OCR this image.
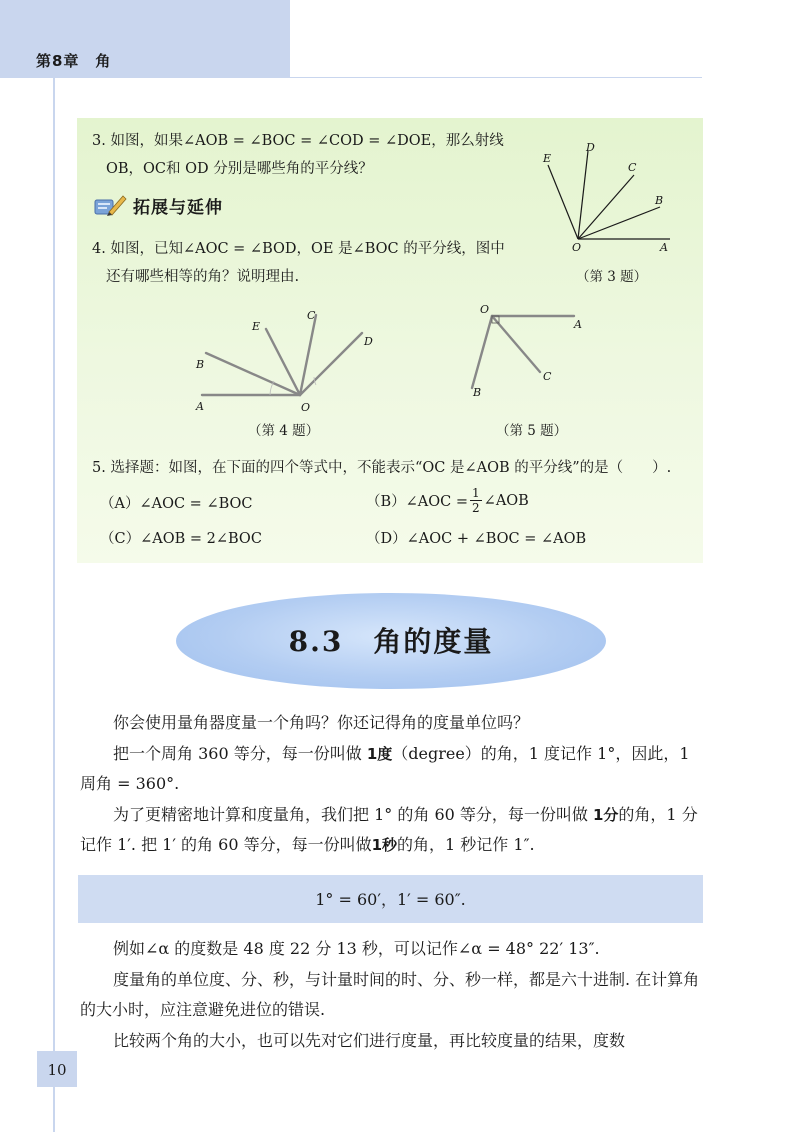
第8章　角
3. 如图，如果∠AOB = ∠BOC = ∠COD = ∠DOE，那么射线
OB，OC和 OD 分别是哪些角的平分线？
D
E
C
B
O	A
（第 3 题）
拓展与延伸
4. 如图，已知∠AOC = ∠BOD，OE 是∠BOC 的平分线，图中
还有哪些相等的角？说明理由.
C
E
D
B
A	O
（第 4 题）
O
A
C
B
（第 5 题）
5. 选择题：如图，在下面的四个等式中，不能表示“OC 是∠AOB 的平分线”的是（　　）.
（A）∠AOC = ∠BOC	（B）∠AOC = $\frac{1}{2}$ ∠AOB
（C）∠AOB = 2∠BOC	（D）∠AOC + ∠BOC = ∠AOB
8.3　角的度量

你会使用量角器度量一个角吗？你还记得角的度量单位吗？

把一个周角 360 等分，每一份叫做 1度（degree）的角，1 度记作 1°，因此，1 周角 = 360°.

为了更精密地计算和度量角，我们把 1° 的角 60 等分，每一份叫做 1分的角，1 分记作 1′. 把 1′ 的角 60 等分，每一份叫做1秒的角，1 秒记作 1″.

1° = 60′，1′ = 60″.

例如∠α 的度数是 48 度 22 分 13 秒，可以记作∠α = 48° 22′ 13″.

度量角的单位度、分、秒，与计量时间的时、分、秒一样，都是六十进制. 在计算角的大小时，应注意避免进位的错误.

比较两个角的大小，也可以先对它们进行度量，再比较度量的结果，度数

10
